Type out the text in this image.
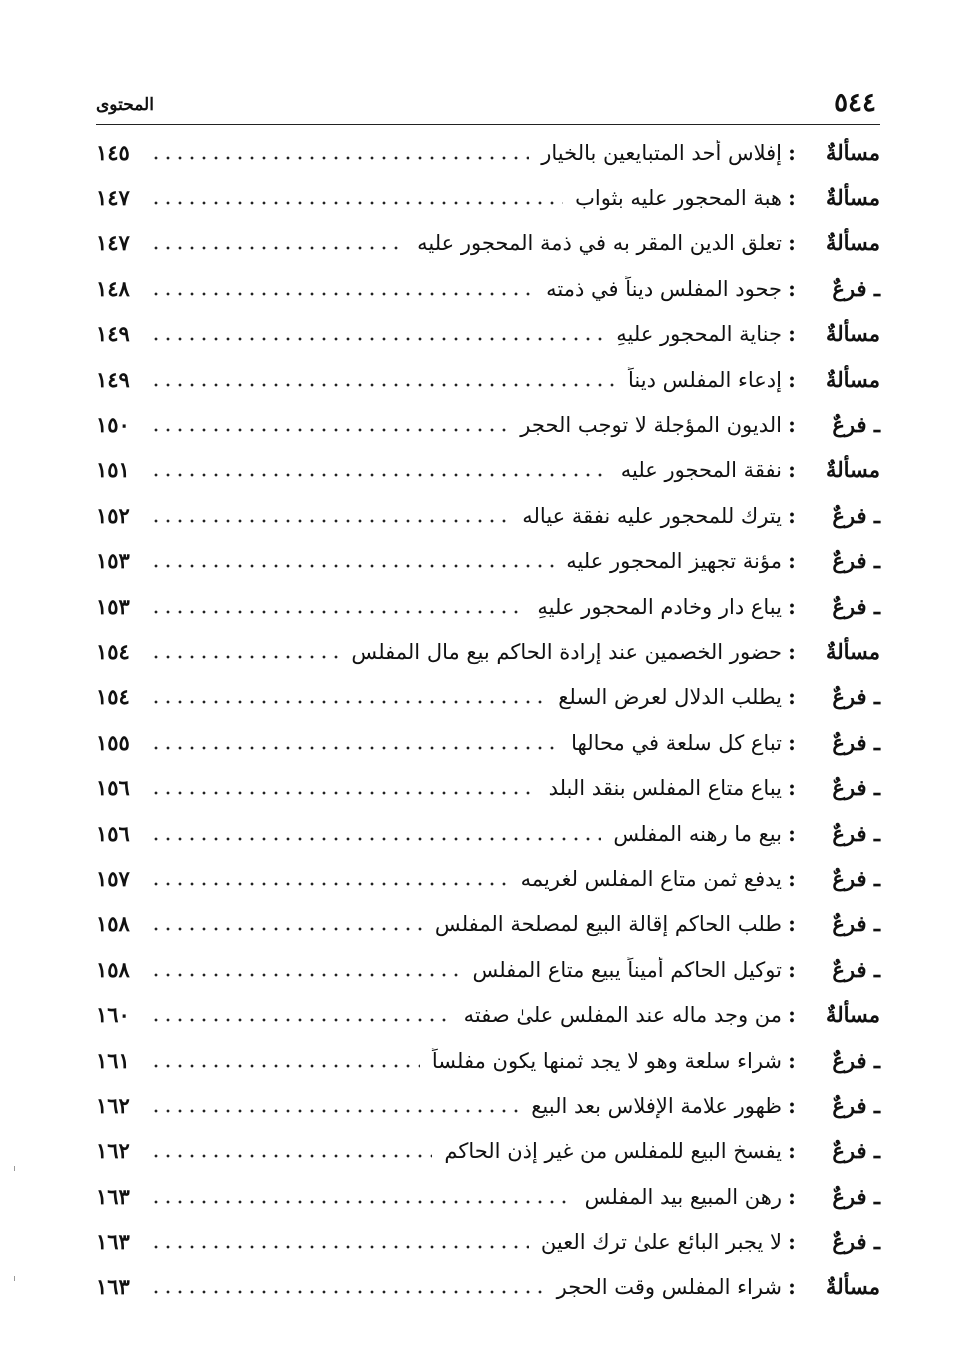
٥٤٤
المحتوى
مسألةٌ
:
إفلاس أحد المتبايعين بالخيار
١٤٥
مسألةٌ
:
هبة المحجور عليه بثواب
١٤٧
مسألةٌ
:
تعلق الدين المقر به في ذمة المحجور عليه
١٤٧
ـ فرعٌ
:
جحود المفلس ديناً في ذمته
١٤٨
مسألةٌ
:
جناية المحجور عليهِ
١٤٩
مسألةٌ
:
إدعاء المفلس ديناً
١٤٩
ـ فرعٌ
:
الديون المؤجلة لا توجب الحجر
١٥٠
مسألةٌ
:
نفقة المحجور عليه
١٥١
ـ فرعٌ
:
يترك للمحجور عليه نفقة عياله
١٥٢
ـ فرعٌ
:
مؤنة تجهيز المحجور عليه
١٥٣
ـ فرعٌ
:
يباع دار وخادم المحجور عليهِ
١٥٣
مسألةٌ
:
حضور الخصمين عند إرادة الحاكم بيع مال المفلس
١٥٤
ـ فرعٌ
:
يطلب الدلال لعرض السلع
١٥٤
ـ فرعٌ
:
تباع كل سلعة في محالها
١٥٥
ـ فرعٌ
:
يباع متاع المفلس بنقد البلد
١٥٦
ـ فرعٌ
:
بيع ما رهنه المفلس
١٥٦
ـ فرعٌ
:
يدفع ثمن متاع المفلس لغريمه
١٥٧
ـ فرعٌ
:
طلب الحاكم إقالة البيع لمصلحة المفلس
١٥٨
ـ فرعٌ
:
توكيل الحاكم أميناً يبيع متاع المفلس
١٥٨
مسألةٌ
:
من وجد ماله عند المفلس علىٰ صفته
١٦٠
ـ فرعٌ
:
شراء سلعة وهو لا يجد ثمنها يكون مفلساً
١٦١
ـ فرعٌ
:
ظهور علامة الإفلاس بعد البيع
١٦٢
ـ فرعٌ
:
يفسخ البيع للمفلس من غير إذن الحاكم
١٦٢
ـ فرعٌ
:
رهن المبيع بيد المفلس
١٦٣
ـ فرعٌ
:
لا يجبر البائع علىٰ ترك العين
١٦٣
مسألةٌ
:
شراء المفلس وقت الحجر
١٦٣
